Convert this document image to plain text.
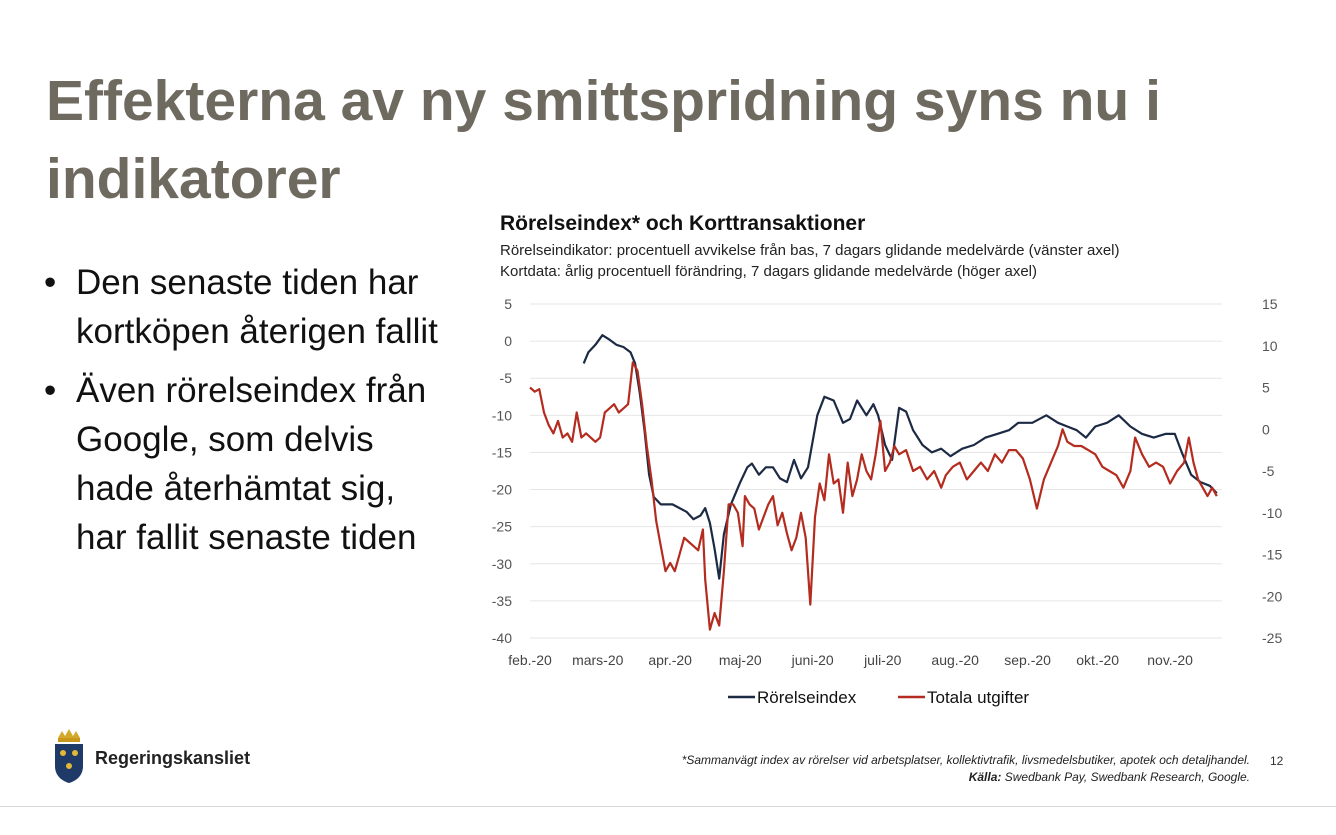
Effekterna av ny smittspridning syns nu i indikatorer
• Den senaste tiden har kortköpen återigen fallit
• Även rörelseindex från Google, som delvis hade återhämtat sig, har fallit senaste tiden
Rörelseindex* och Korttransaktioner
Rörelseindikator: procentuell avvikelse från bas, 7 dagars glidande medelvärde (vänster axel)
Kortdata: årlig procentuell förändring, 7 dagars glidande medelvärde (höger axel)
5
0
-5
-10
-15
-20
-25
-30
-35
-40
15
10
5
0
-5
-10
-15
-20
-25
feb.-20 mars-20 apr.-20 maj-20 juni-20 juli-20 aug.-20 sep.-20 okt.-20 nov.-20
Rörelseindex	Totala utgifter
Regeringskansliet	*Sammanvägt index av rörelser vid arbetsplatser, kollektivtrafik, livsmedelsbutiker, apotek och detaljhandel.
Källa: Swedbank Pay, Swedbank Research, Google.
12
